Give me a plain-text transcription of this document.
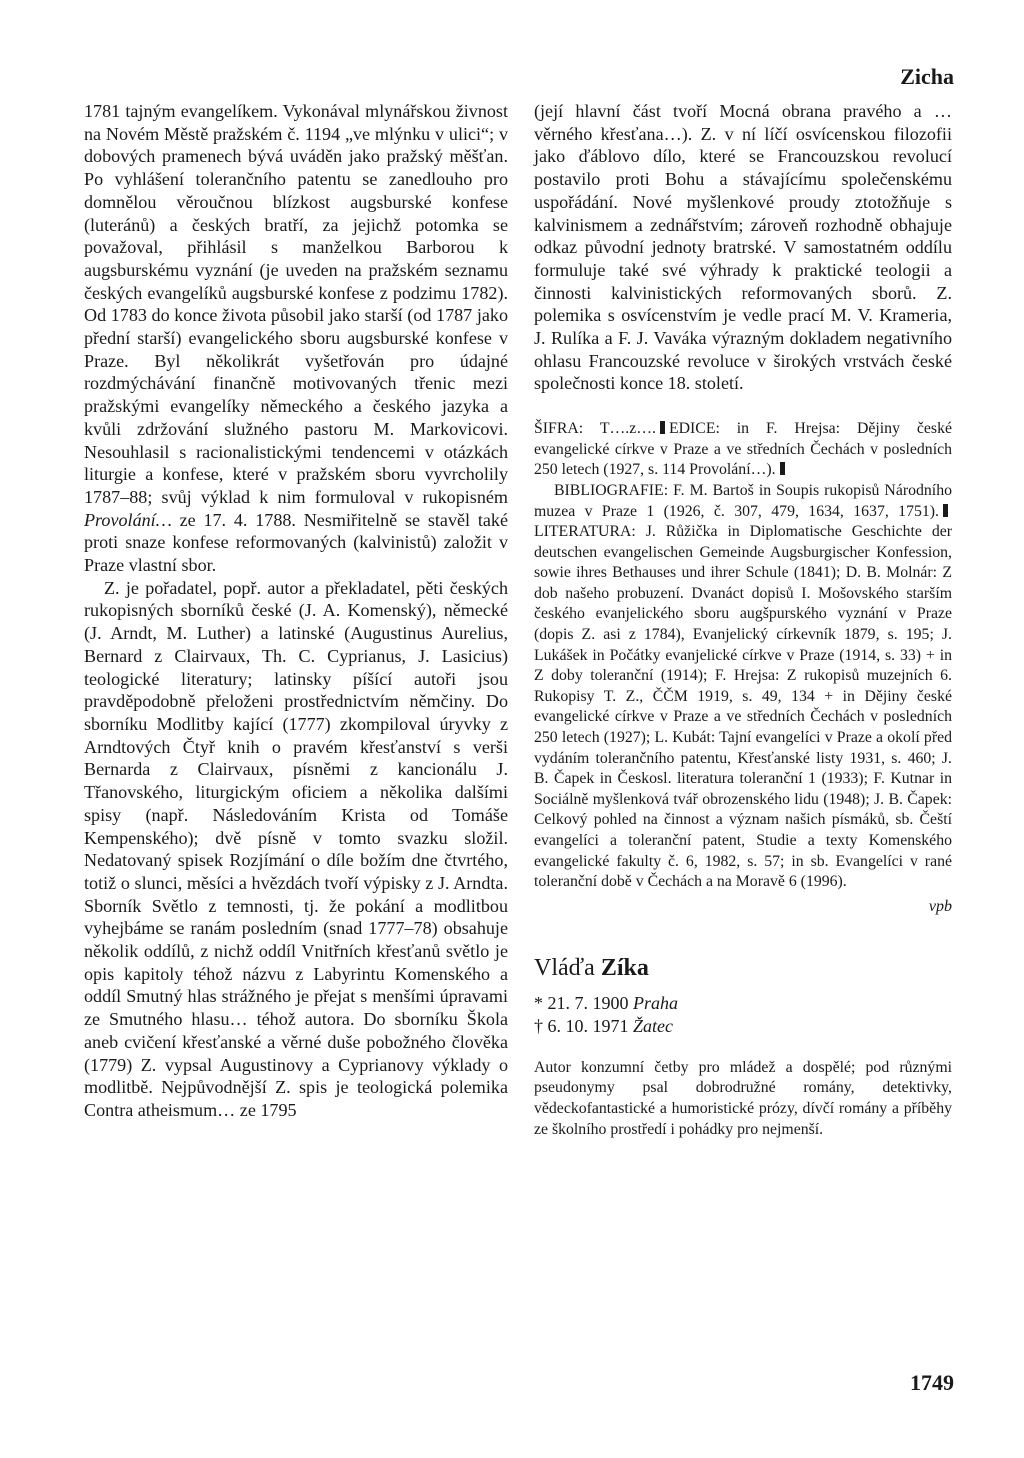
Zicha

1781 tajným evangelíkem. Vykonával mlynářskou živnost na Novém Městě pražském č. 1194 „ve mlýnku v ulici“; v dobových pramenech bývá uváděn jako pražský měšťan. Po vyhlášení tolerančního patentu se zanedlouho pro domnělou věroučnou blízkost augsburské konfese (luteránů) a českých bratří, za jejichž potomka se považoval, přihlásil s manželkou Barborou k augsburskému vyznání (je uveden na pražském seznamu českých evangelíků augsburské konfese z podzimu 1782). Od 1783 do konce života působil jako starší (od 1787 jako přední starší) evangelického sboru augsburské konfese v Praze. Byl několikrát vyšetřován pro údajné rozdmýchávání finančně motivovaných třenic mezi pražskými evangelíky německého a českého jazyka a kvůli zdržování služného pastoru M. Markovicovi. Nesouhlasil s racionalistickými tendencemi v otázkách liturgie a konfese, které v pražském sboru vyvrcholily 1787–88; svůj výklad k nim formuloval v rukopisném Provolání… ze 17. 4. 1788. Nesmiřitelně se stavěl také proti snaze konfese reformovaných (kalvinistů) založit v Praze vlastní sbor.

Z. je pořadatel, popř. autor a překladatel, pěti českých rukopisných sborníků české (J. A. Komenský), německé (J. Arndt, M. Luther) a latinské (Augustinus Aurelius, Bernard z Clairvaux, Th. C. Cyprianus, J. Lasicius) teologické literatury; latinsky píšící autoři jsou pravděpodobně přeloženi prostřednictvím němčiny. Do sborníku Modlitby kající (1777) zkompiloval úryvky z Arndtových Čtyř knih o pravém křesťanství s verši Bernarda z Clairvaux, písněmi z kancionálu J. Třanovského, liturgickým oficiem a několika dalšími spisy (např. Následováním Krista od Tomáše Kempenského); dvě písně v tomto svazku složil. Nedatovaný spisek Rozjímání o díle božím dne čtvrtého, totiž o slunci, měsíci a hvězdách tvoří výpisky z J. Arndta. Sborník Světlo z temnosti, tj. že pokání a modlitbou vyhejbáme se ranám posledním (snad 1777–78) obsahuje několik oddílů, z nichž oddíl Vnitřních křesťanů světlo je opis kapitoly téhož názvu z Labyrintu Komenského a oddíl Smutný hlas strážného je přejat s menšími úpravami ze Smutného hlasu… téhož autora. Do sborníku Škola aneb cvičení křesťanské a věrné duše pobožného člověka (1779) Z. vypsal Augustinovy a Cyprianovy výklady o modlitbě. Nejpůvodnější Z. spis je teologická polemika Contra atheismum… ze 1795

(její hlavní část tvoří Mocná obrana pravého a … věrného křesťana…). Z. v ní líčí osvícenskou filozofii jako ďáblovo dílo, které se Francouzskou revolucí postavilo proti Bohu a stávajícímu společenskému uspořádání. Nové myšlenkové proudy ztotožňuje s kalvinismem a zednářstvím; zároveň rozhodně obhajuje odkaz původní jednoty bratrské. V samostatném oddílu formuluje také své výhrady k praktické teologii a činnosti kalvinistických reformovaných sborů. Z. polemika s osvícenstvím je vedle prací M. V. Krameria, J. Rulíka a F. J. Vaváka výrazným dokladem negativního ohlasu Francouzské revoluce v širokých vrstvách české společnosti konce 18. století.

ŠIFRA: T….z…. EDICE: in F. Hrejsa: Dějiny české evangelické církve v Praze a ve středních Čechách v posledních 250 letech (1927, s. 114 Provolání…).

BIBLIOGRAFIE: F. M. Bartoš in Soupis rukopisů Národního muzea v Praze 1 (1926, č. 307, 479, 1634, 1637, 1751).LITERATURA: J. Růžička in Diplomatische Geschichte der deutschen evangelischen Gemeinde Augsburgischer Konfession, sowie ihres Bethauses und ihrer Schule (1841); D. B. Molnár: Z dob našeho probuzení. Dvanáct dopisů I. Mošovského starším českého evanjelického sboru augšpurského vyznání v Praze (dopis Z. asi z 1784), Evanjelický církevník 1879, s. 195; J. Lukášek in Počátky evanjelické církve v Praze (1914, s. 33) + in Z doby toleranční (1914); F. Hrejsa: Z rukopisů muzejních 6. Rukopisy T. Z., ČČM 1919, s. 49, 134 + in Dějiny české evangelické církve v Praze a ve středních Čechách v posledních 250 letech (1927); L. Kubát: Tajní evangelíci v Praze a okolí před vydáním tolerančního patentu, Křesťanské listy 1931, s. 460; J. B. Čapek in Českosl. literatura toleranční 1 (1933); F. Kutnar in Sociálně myšlenková tvář obrozenského lidu (1948); J. B. Čapek: Celkový pohled na činnost a význam našich písmáků, sb. Čeští evangelíci a toleranční patent, Studie a texty Komenského evangelické fakulty č. 6, 1982, s. 57; in sb. Evangelíci v rané toleranční době v Čechách a na Moravě 6 (1996).

vpb
Vláďa Zíka
* 21. 7. 1900 Praha
† 6. 10. 1971 Žatec

Autor konzumní četby pro mládež a dospělé; pod různými pseudonymy psal dobrodružné romány, detektivky, vědeckofantastické a humoristické prózy, dívčí romány a příběhy ze školního prostředí i pohádky pro nejmenší.

1749
